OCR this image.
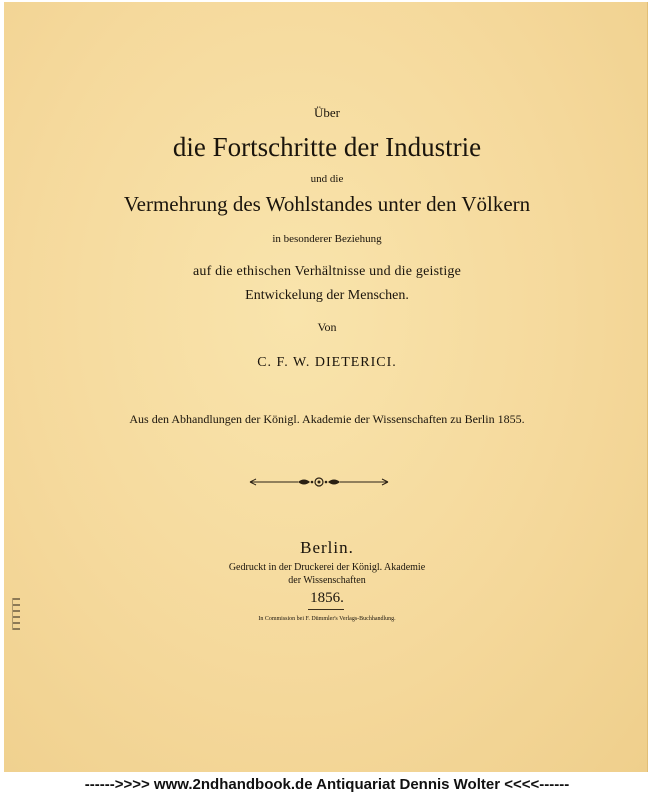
Über
die Fortschritte der Industrie
und die
Vermehrung des Wohlstandes unter den Völkern
in besonderer Beziehung
auf die ethischen Verhältnisse und die geistige
Entwickelung der Menschen.
Von
C. F. W. DIETERICI.
Aus den Abhandlungen der Königl. Akademie der Wissenschaften zu Berlin 1855.
Berlin.
Gedruckt in der Druckerei der Königl. Akademie
der Wissenschaften
1856.
In Commission bei F. Dümmler's Verlags-Buchhandlung.
------>>>> www.2ndhandbook.de Antiquariat Dennis Wolter <<<<------
